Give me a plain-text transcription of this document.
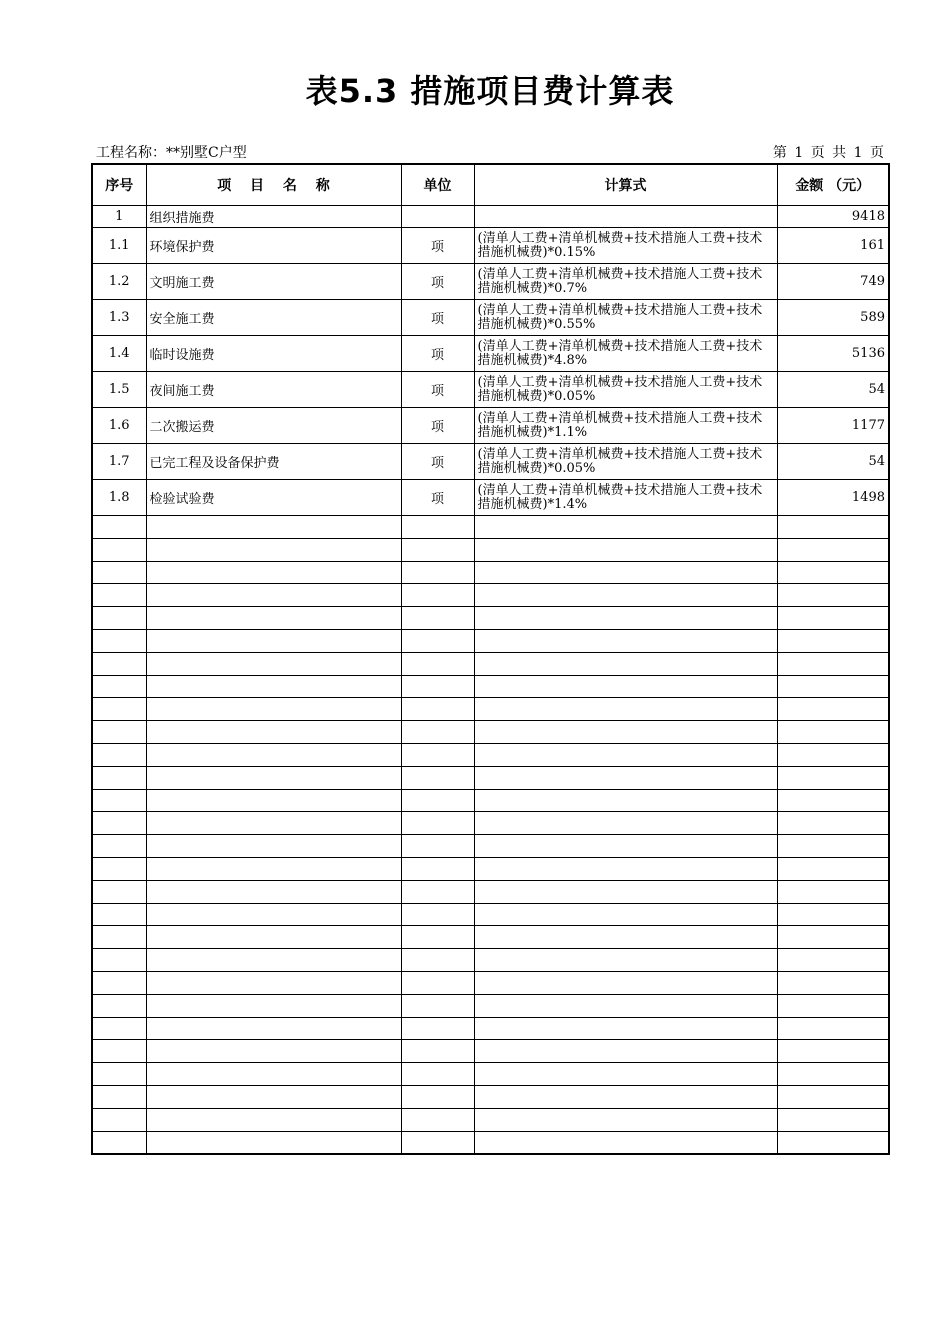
表5.3 措施项目费计算表
工程名称：**别墅C户型	第 1 页 共 1 页
序号	项 目 名 称	单位	计算式	金额 （元）
1	组织措施费			9418
1.1	环境保护费	项	(清单人工费+清单机械费+技术措施人工费+技术措施机械费)*0.15%	161
1.2	文明施工费	项	(清单人工费+清单机械费+技术措施人工费+技术措施机械费)*0.7%	749
1.3	安全施工费	项	(清单人工费+清单机械费+技术措施人工费+技术措施机械费)*0.55%	589
1.4	临时设施费	项	(清单人工费+清单机械费+技术措施人工费+技术措施机械费)*4.8%	5136
1.5	夜间施工费	项	(清单人工费+清单机械费+技术措施人工费+技术措施机械费)*0.05%	54
1.6	二次搬运费	项	(清单人工费+清单机械费+技术措施人工费+技术措施机械费)*1.1%	1177
1.7	已完工程及设备保护费	项	(清单人工费+清单机械费+技术措施人工费+技术措施机械费)*0.05%	54
1.8	检验试验费	项	(清单人工费+清单机械费+技术措施人工费+技术措施机械费)*1.4%	1498
